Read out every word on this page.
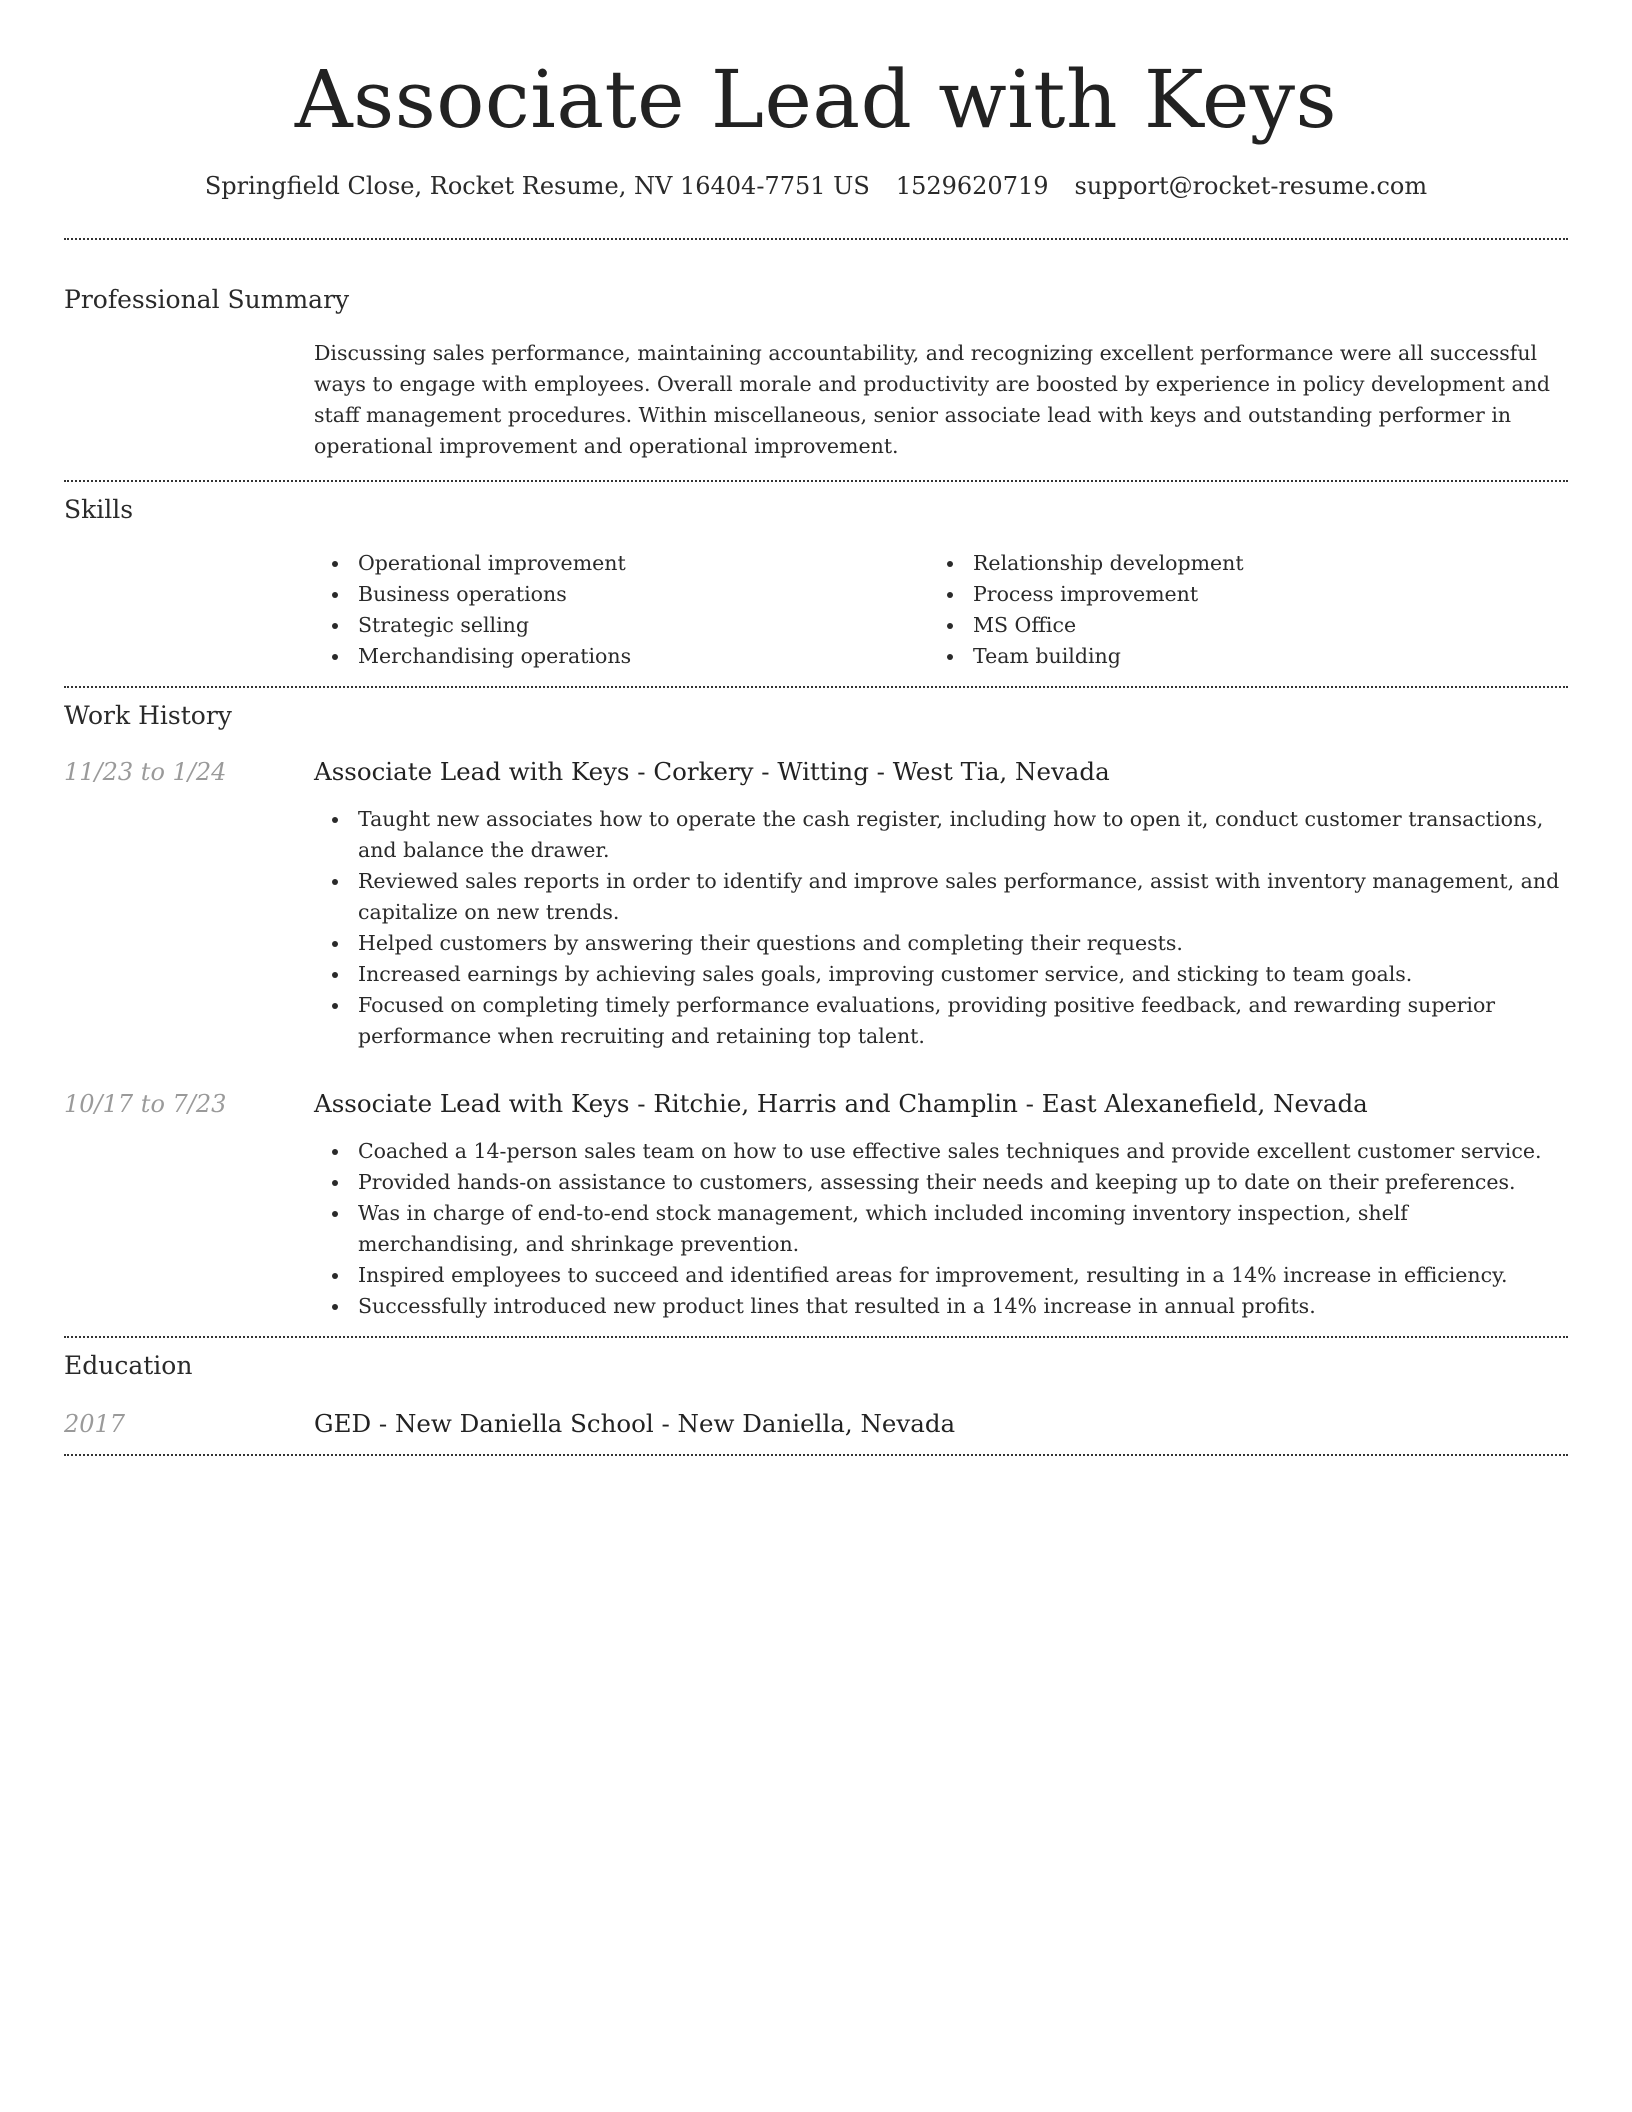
Associate Lead with Keys
Springfield Close, Rocket Resume, NV 16404-7751 US 1529620719 support@rocket-resume.com
Professional Summary

Discussing sales performance, maintaining accountability, and recognizing excellent performance were all successful ways to engage with employees. Overall morale and productivity are boosted by experience in policy development and staff management procedures. Within miscellaneous, senior associate lead with keys and outstanding performer in operational improvement and operational improvement.

Skills
Operational improvement
Business operations
Strategic selling
Merchandising operations
Relationship development
Process improvement
MS Office
Team building
Work History
11/23 to 1/24	Associate Lead with Keys - Corkery - Witting - West Tia, Nevada
Taught new associates how to operate the cash register, including how to open it, conduct customer transactions, and balance the drawer.
Reviewed sales reports in order to identify and improve sales performance, assist with inventory management, and capitalize on new trends.
Helped customers by answering their questions and completing their requests.
Increased earnings by achieving sales goals, improving customer service, and sticking to team goals.
Focused on completing timely performance evaluations, providing positive feedback, and rewarding superior performance when recruiting and retaining top talent.
10/17 to 7/23	Associate Lead with Keys - Ritchie, Harris and Champlin - East Alexanefield, Nevada
Coached a 14-person sales team on how to use effective sales techniques and provide excellent customer service.
Provided hands-on assistance to customers, assessing their needs and keeping up to date on their preferences.
Was in charge of end-to-end stock management, which included incoming inventory inspection, shelf merchandising, and shrinkage prevention.
Inspired employees to succeed and identified areas for improvement, resulting in a 14% increase in efficiency.
Successfully introduced new product lines that resulted in a 14% increase in annual profits.
Education
2017	GED - New Daniella School - New Daniella, Nevada
